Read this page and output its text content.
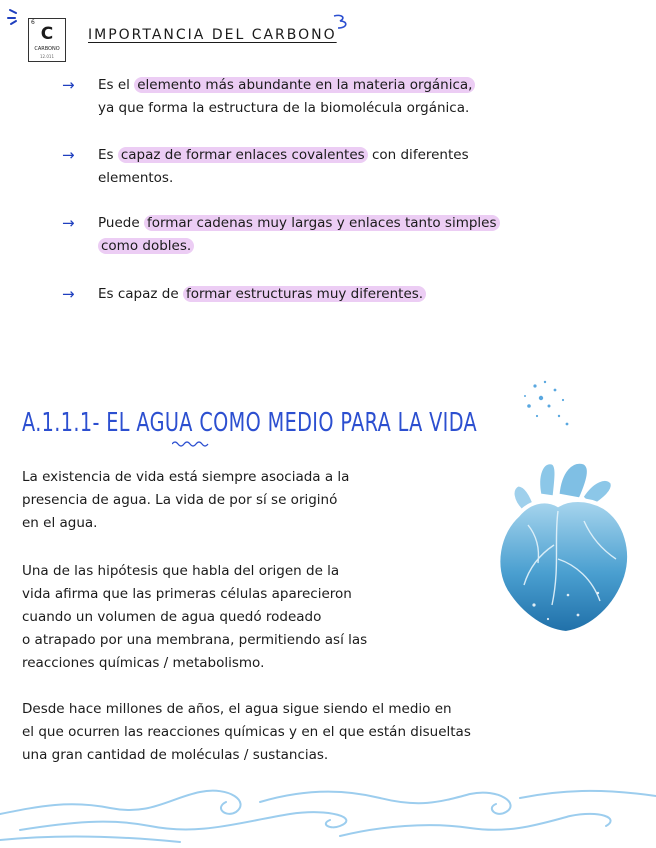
6
C
CARBONO
12.011
IMPORTANCIA DEL CARBONO
→ Es el elemento más abundante en la materia orgánica,
ya que forma la estructura de la biomolécula orgánica.
→ Es capaz de formar enlaces covalentes con diferentes
elementos.
→ Puede formar cadenas muy largas y enlaces tanto simples
como dobles.
→ Es capaz de formar estructuras muy diferentes.
A.1.1.1- EL AGUA COMO MEDIO PARA LA VIDA
La existencia de vida está siempre asociada a la
presencia de agua. La vida de por sí se originó
en el agua.
Una de las hipótesis que habla del origen de la
vida afirma que las primeras células aparecieron
cuando un volumen de agua quedó rodeado
o atrapado por una membrana, permitiendo así las
reacciones químicas / metabolismo.
Desde hace millones de años, el agua sigue siendo el medio en
el que ocurren las reacciones químicas y en el que están disueltas
una gran cantidad de moléculas / sustancias.
